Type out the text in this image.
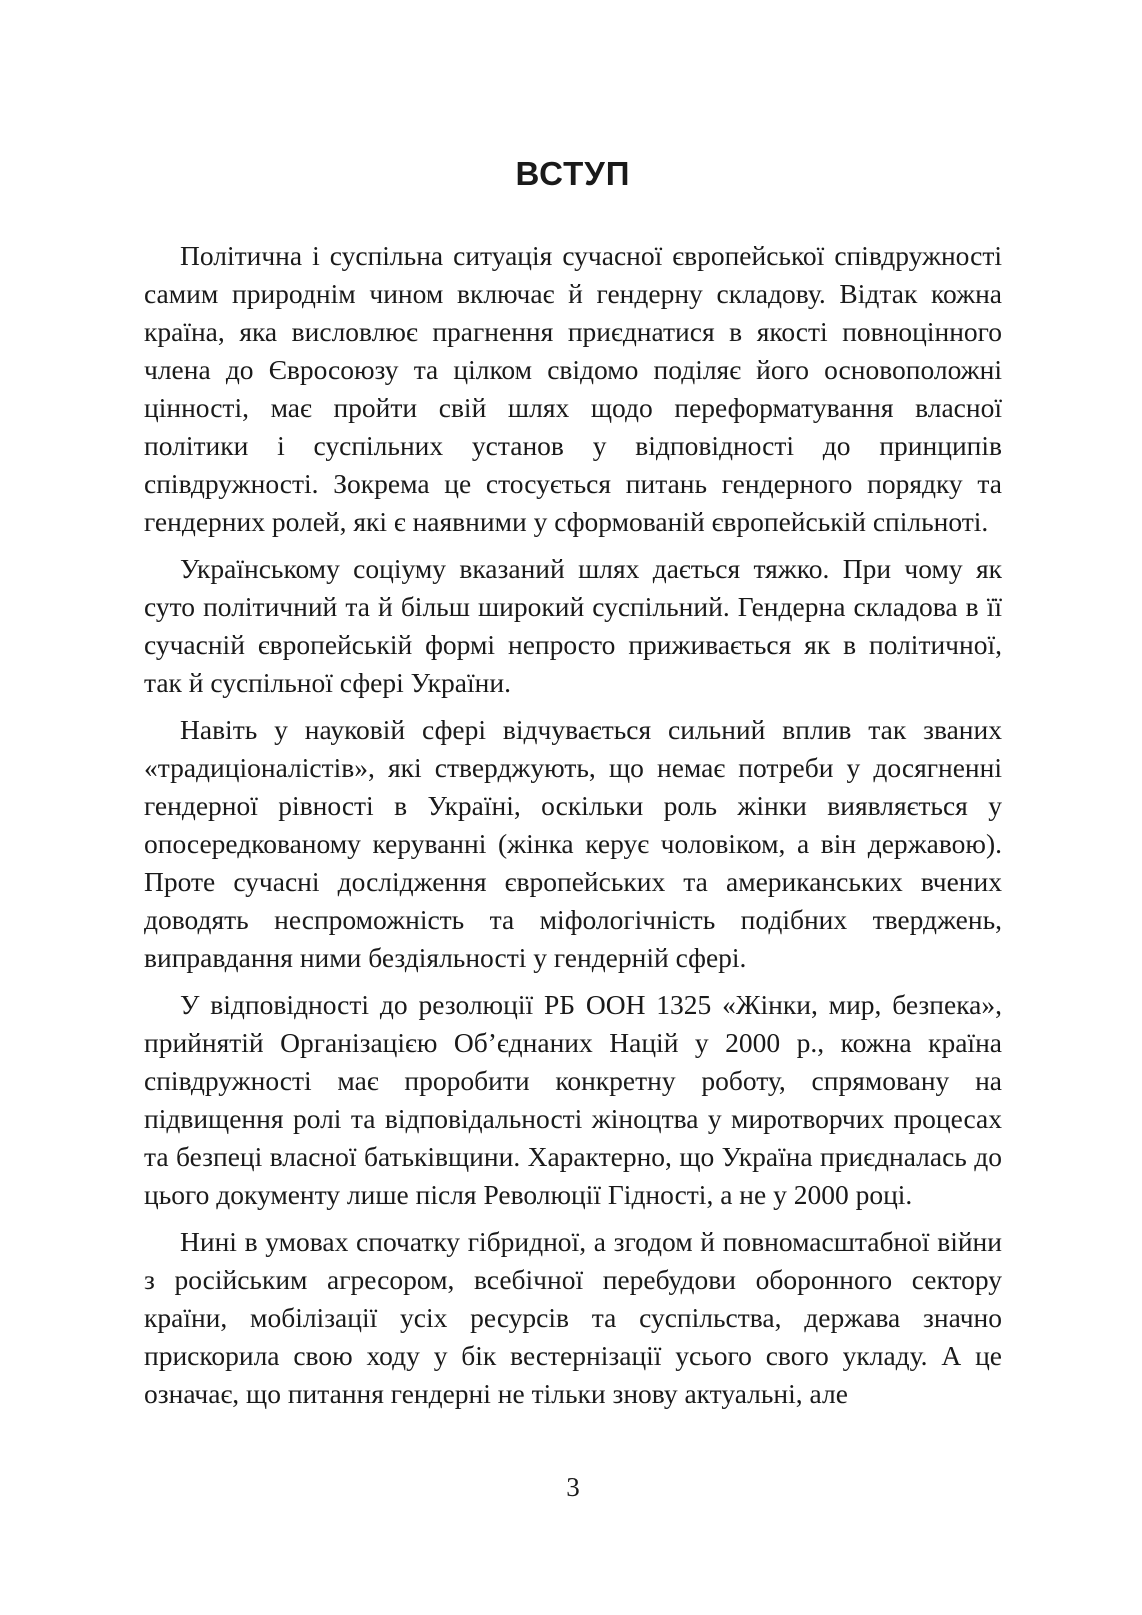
ВСТУП

Політична і суспільна ситуація сучасної європейської співдружності самим природнім чином включає й гендерну складову. Відтак кожна країна, яка висловлює прагнення приєднатися в якості повноцінного члена до Євросоюзу та цілком свідомо поділяє його основоположні цінності, має пройти свій шлях щодо переформатування власної політики і суспільних установ у відповідності до принципів співдружності. Зокрема це стосується питань гендерного порядку та гендерних ролей, які є наявними у сформованій європейській спільноті.

Українському соціуму вказаний шлях дається тяжко. При чому як суто політичний та й більш широкий суспільний. Гендерна складова в її сучасній європейській формі непросто приживається як в політичної, так й суспільної сфері України.

Навіть у науковій сфері відчувається сильний вплив так званих «традиціоналістів», які стверджують, що немає потреби у досягненні гендерної рівності в Україні, оскільки роль жінки виявляється у опосередкованому керуванні (жінка керує чоловіком, а він державою). Проте сучасні дослідження європейських та американських вчених доводять неспроможність та міфологічність подібних тверджень, виправдання ними бездіяльності у гендерній сфері.

У відповідності до резолюції РБ ООН 1325 «Жінки, мир, безпека», прийнятій Організацією Об’єднаних Націй у 2000 р., кожна країна співдружності має проробити конкретну роботу, спрямовану на підвищення ролі та відповідальності жіноцтва у миротворчих процесах та безпеці власної батьківщини. Характерно, що Україна приєдналась до цього документу лише після Революції Гідності, а не у 2000 році.

Нині в умовах спочатку гібридної, а згодом й повномасштабної війни з російським агресором, всебічної перебудови оборонного сектору країни, мобілізації усіх ресурсів та суспільства, держава значно прискорила свою ходу у бік вестернізації усього свого укладу. А це означає, що питання гендерні не тільки знову актуальні, але

3
